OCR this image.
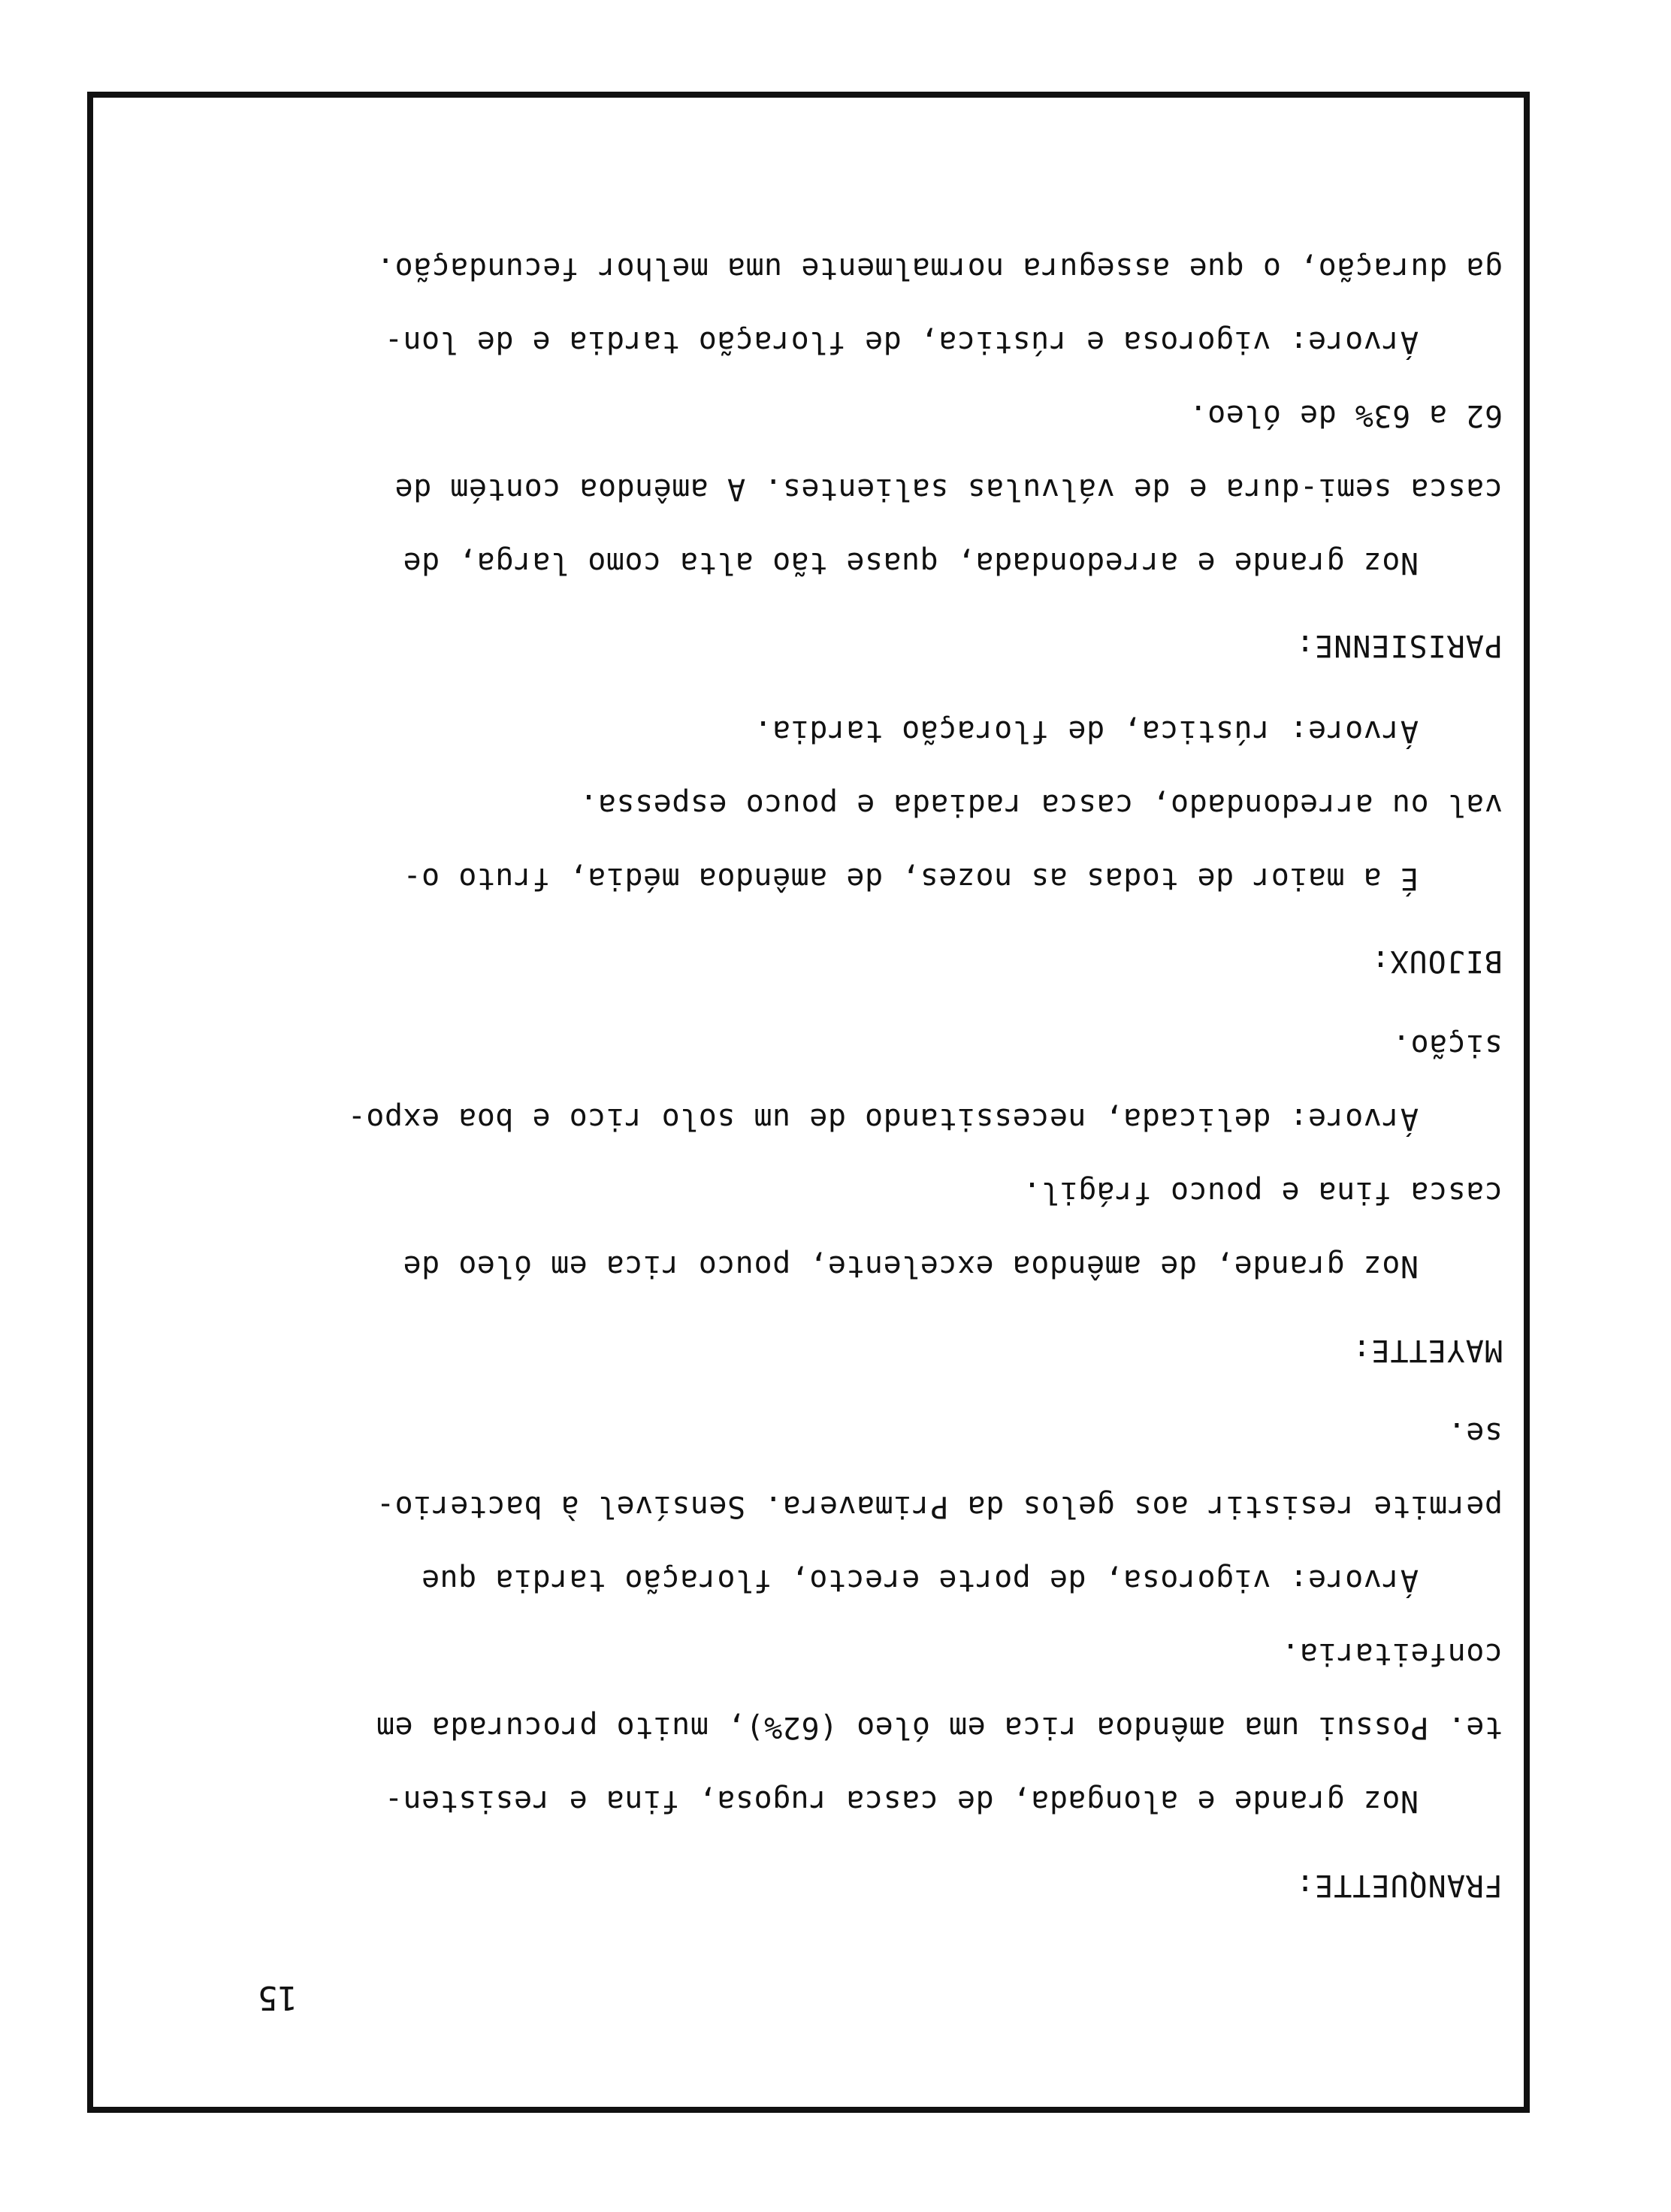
15

FRANQUETTE:

Noz grande e alongada, de casca rugosa, fina e resisten-

te. Possui uma amêndoa rica em óleo (62%), muito procurada em

confeitaria.

Árvore: vigorosa, de porte erecto, floração tardia que

permite resistir aos gelos da Primavera. Sensível à bacterio-

se.

MAYETTE:

Noz grande, de amêndoa excelente, pouco rica em óleo de

casca fina e pouco frágil.

Árvore: delicada, necessitando de um solo rico e boa expo-

sição.

BIJOUX:

É a maior de todas as nozes, de amêndoa média, fruto o-

val ou arredondado, casca radiada e pouco espessa.

Árvore: rústica, de floração tardia.

PARISIENNE:

Noz grande e arredondada, quase tão alta como larga, de

casca semi-dura e de válvulas salientes. A amêndoa contém de

62 a 63% de óleo.

Árvore: vigorosa e rústica, de floração tardia e de lon-

ga duração, o que assegura normalmente uma melhor fecundação.
